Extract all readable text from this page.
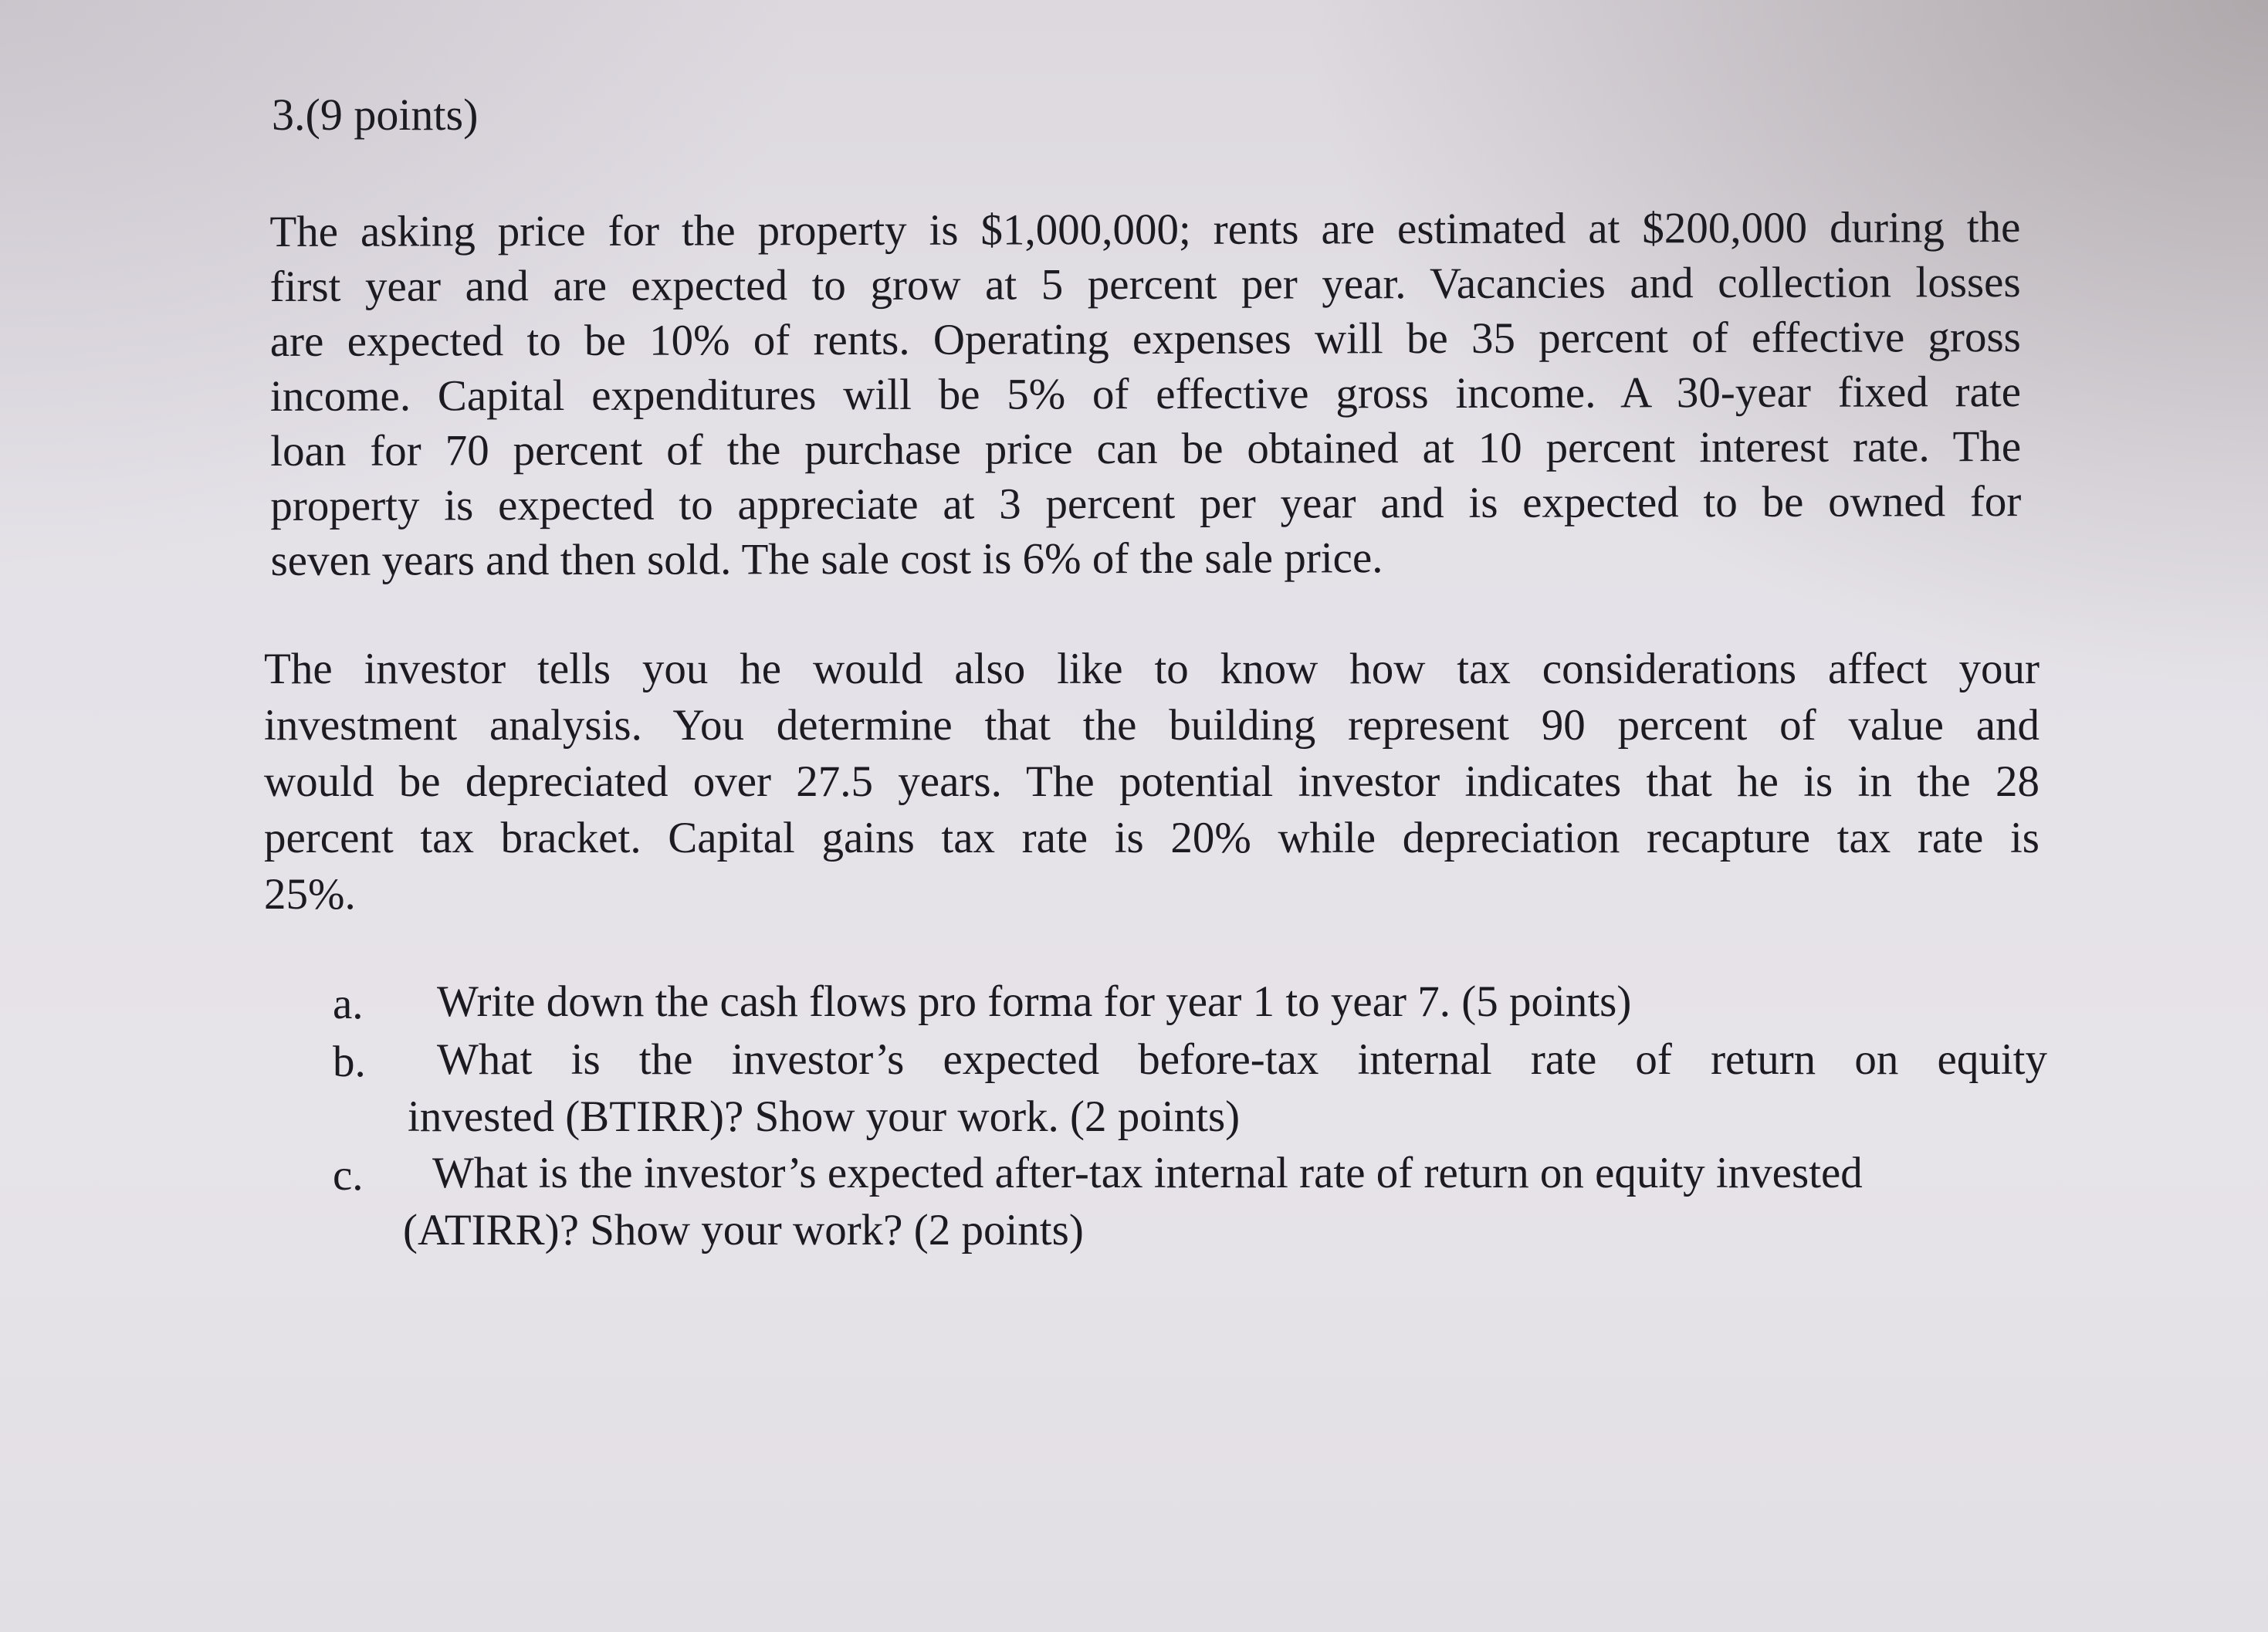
3.(9 points)
The asking price for the property is $1,000,000; rents are estimated at $200,000 during the
first year and are expected to grow at 5 percent per year. Vacancies and collection losses
are expected to be 10% of rents. Operating expenses will be 35 percent of effective gross
income. Capital expenditures will be 5% of effective gross income. A 30-year fixed rate
loan for 70 percent of the purchase price can be obtained at 10 percent interest rate. The
property is expected to appreciate at 3 percent per year and is expected to be owned for
seven years and then sold. The sale cost is 6% of the sale price.
The investor tells you he would also like to know how tax considerations affect your
investment analysis. You determine that the building represent 90 percent of value and
would be depreciated over 27.5 years. The potential investor indicates that he is in the 28
percent tax bracket. Capital gains tax rate is 20% while depreciation recapture tax rate is
25%.
a. Write down the cash flows pro forma for year 1 to year 7. (5 points)
b. What is the investor’s expected before-tax internal rate of return on equity
invested (BTIRR)? Show your work. (2 points)
c. What is the investor’s expected after-tax internal rate of return on equity invested
(ATIRR)? Show your work? (2 points)
